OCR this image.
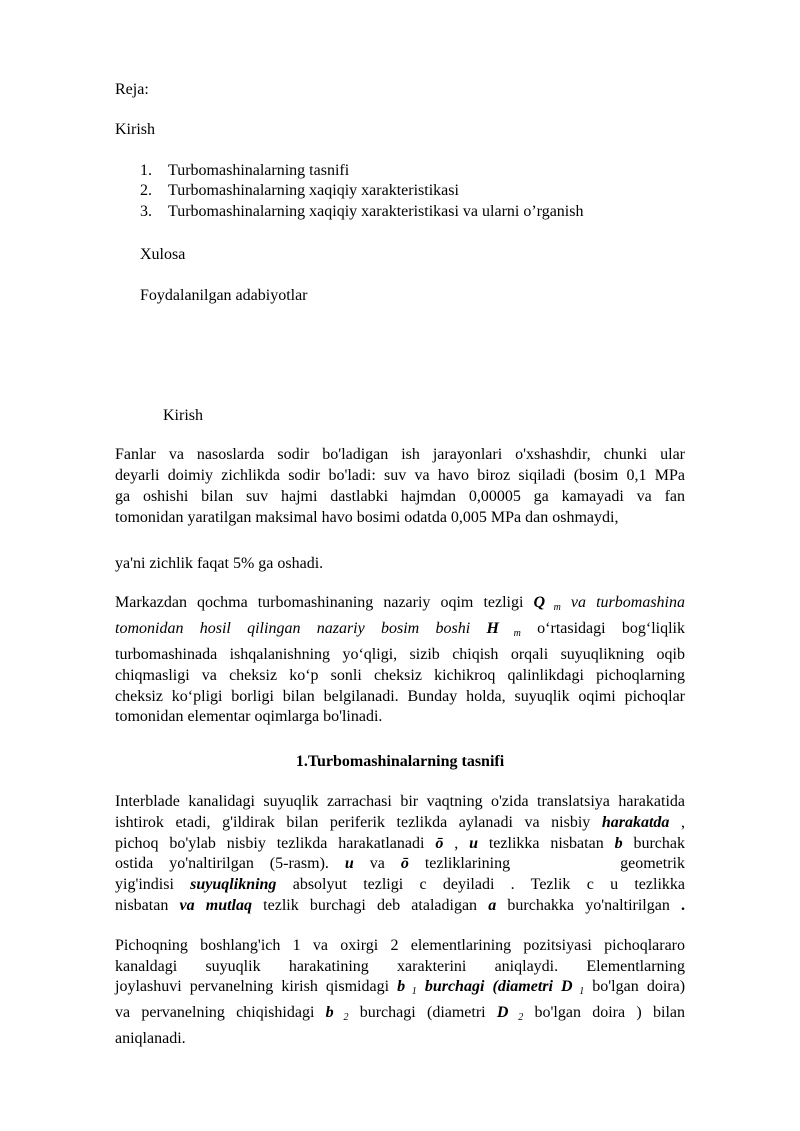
Reja:
Kirish
1.	Turbomashinalarning tasnifi
2.	Turbomashinalarning xaqiqiy xarakteristikasi
3.	Turbomashinalarning xaqiqiy xarakteristikasi va ularni o’rganish
Xulosa
Foydalanilgan adabiyotlar
Kirish
Fanlar va nasoslarda sodir bo'ladigan ish jarayonlari o'xshashdir, chunki ular
deyarli doimiy zichlikda sodir bo'ladi: suv va havo biroz siqiladi (bosim 0,1 MPa
ga oshishi bilan suv hajmi dastlabki hajmdan 0,00005 ga kamayadi va fan
tomonidan yaratilgan maksimal havo bosimi odatda 0,005 MPa dan oshmaydi,
ya'ni zichlik faqat 5% ga oshadi.
Markazdan qochma turbomashinaning nazariy oqim tezligi Q m va turbomashina
tomonidan hosil qilingan nazariy bosim boshi H m oʻrtasidagi bogʻliqlik
turbomashinada ishqalanishning yoʻqligi, sizib chiqish orqali suyuqlikning oqib
chiqmasligi va cheksiz koʻp sonli cheksiz kichikroq qalinlikdagi pichoqlarning
cheksiz koʻpligi borligi bilan belgilanadi. Bunday holda, suyuqlik oqimi pichoqlar
tomonidan elementar oqimlarga bo'linadi.
1.Turbomashinalarning tasnifi
Interblade kanalidagi suyuqlik zarrachasi bir vaqtning o'zida translatsiya harakatida
ishtirok etadi, g'ildirak bilan periferik tezlikda aylanadi va nisbiy harakatda ,
pichoq bo'ylab nisbiy tezlikda harakatlanadi ō , u tezlikka nisbatan b burchak
ostida yo'naltirilgan (5-rasm). u va ō tezliklarining	geometrik
yig'indisi suyuqlikning absolyut tezligi c deyiladi . Tezlik c u tezlikka
nisbatan va mutlaq tezlik burchagi deb ataladigan a burchakka yo'naltirilgan .
Pichoqning boshlang'ich 1 va oxirgi 2 elementlarining pozitsiyasi pichoqlararo
kanaldagi suyuqlik harakatining xarakterini aniqlaydi. Elementlarning
joylashuvi pervanelning kirish qismidagi b 1 burchagi (diametri D 1 bo'lgan doira)
va pervanelning chiqishidagi b 2 burchagi (diametri D 2 bo'lgan doira ) bilan
aniqlanadi.
